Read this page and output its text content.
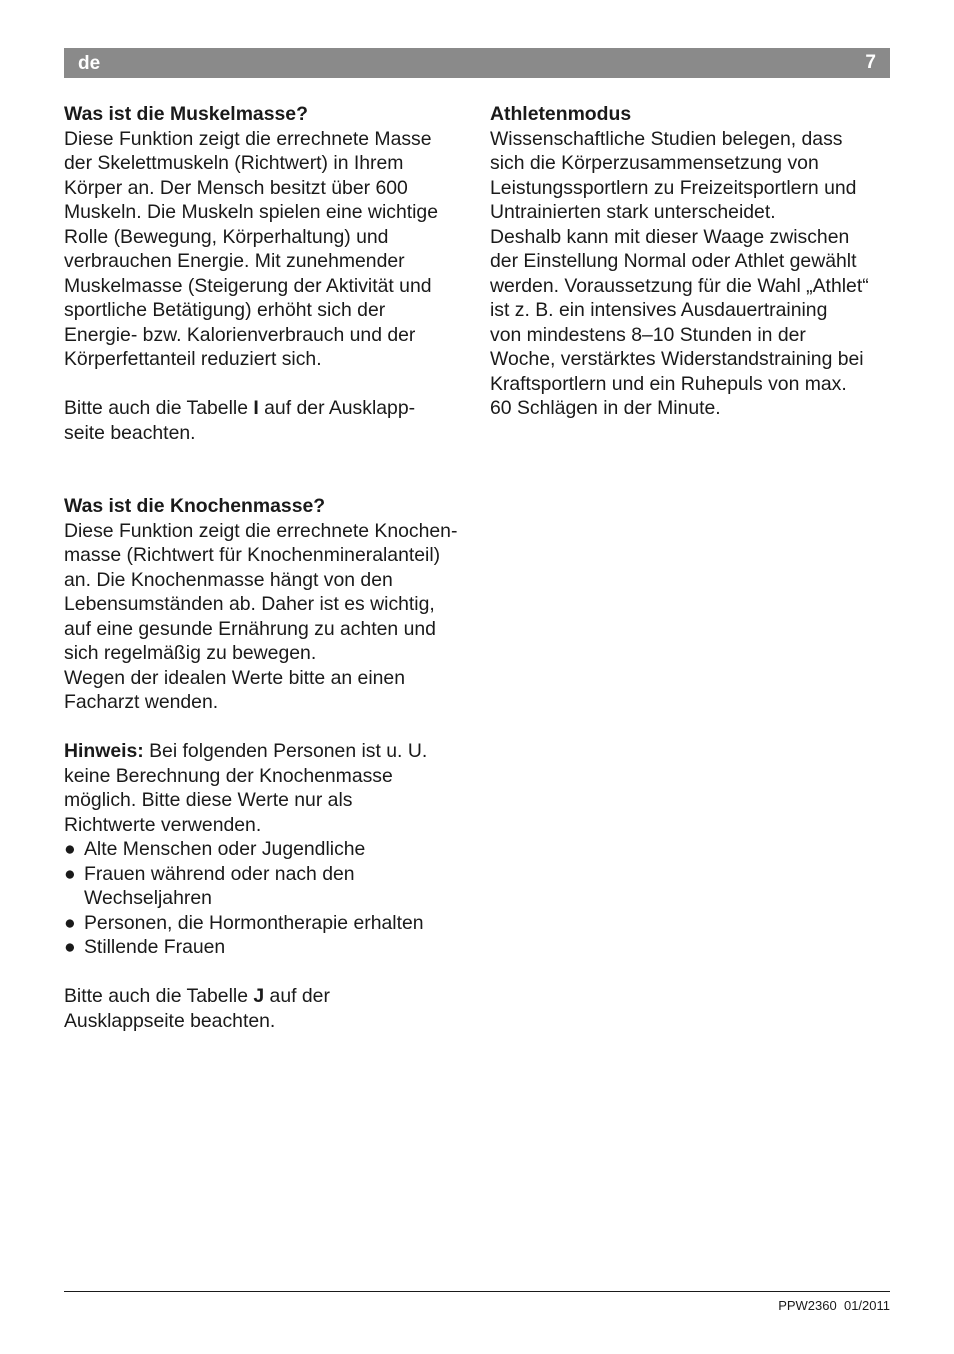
de	7
Was ist die Muskelmasse?
Diese Funktion zeigt die errechnete Masse
der Skelettmuskeln (Richtwert) in Ihrem
Körper an. Der Mensch besitzt über 600
Muskeln. Die Muskeln spielen eine wichtige
Rolle (Bewegung, Körperhaltung) und
verbrauchen Energie. Mit zunehmender
Muskelmasse (Steigerung der Aktivität und
sportliche Betätigung) erhöht sich der
Energie- bzw. Kalorienverbrauch und der
Körperfettanteil reduziert sich.
Bitte auch die Tabelle I auf der Ausklapp-
seite beachten.
Was ist die Knochenmasse?
Diese Funktion zeigt die errechnete Knochen-
masse (Richtwert für Knochenmineralanteil)
an. Die Knochenmasse hängt von den
Lebensumständen ab. Daher ist es wichtig,
auf eine gesunde Ernährung zu achten und
sich regelmäßig zu bewegen.
Wegen der idealen Werte bitte an einen
Facharzt wenden.
Hinweis: Bei folgenden Personen ist u. U.
keine Berechnung der Knochenmasse
möglich. Bitte diese Werte nur als
Richtwerte verwenden.
● Alte Menschen oder Jugendliche
● Frauen während oder nach den
Wechseljahren
● Personen, die Hormontherapie erhalten
● Stillende Frauen
Bitte auch die Tabelle J auf der
Ausklappseite beachten.
Athletenmodus
Wissenschaftliche Studien belegen, dass
sich die Körperzusammensetzung von
Leistungssportlern zu Freizeitsportlern und
Untrainierten stark unterscheidet.
Deshalb kann mit dieser Waage zwischen
der Einstellung Normal oder Athlet gewählt
werden. Voraussetzung für die Wahl „Athlet“
ist z. B. ein intensives Ausdauertraining
von mindestens 8–10 Stunden in der
Woche, verstärktes Widerstandstraining bei
Kraftsportlern und ein Ruhepuls von max.
60 Schlägen in der Minute.
PPW2360 01/2011
